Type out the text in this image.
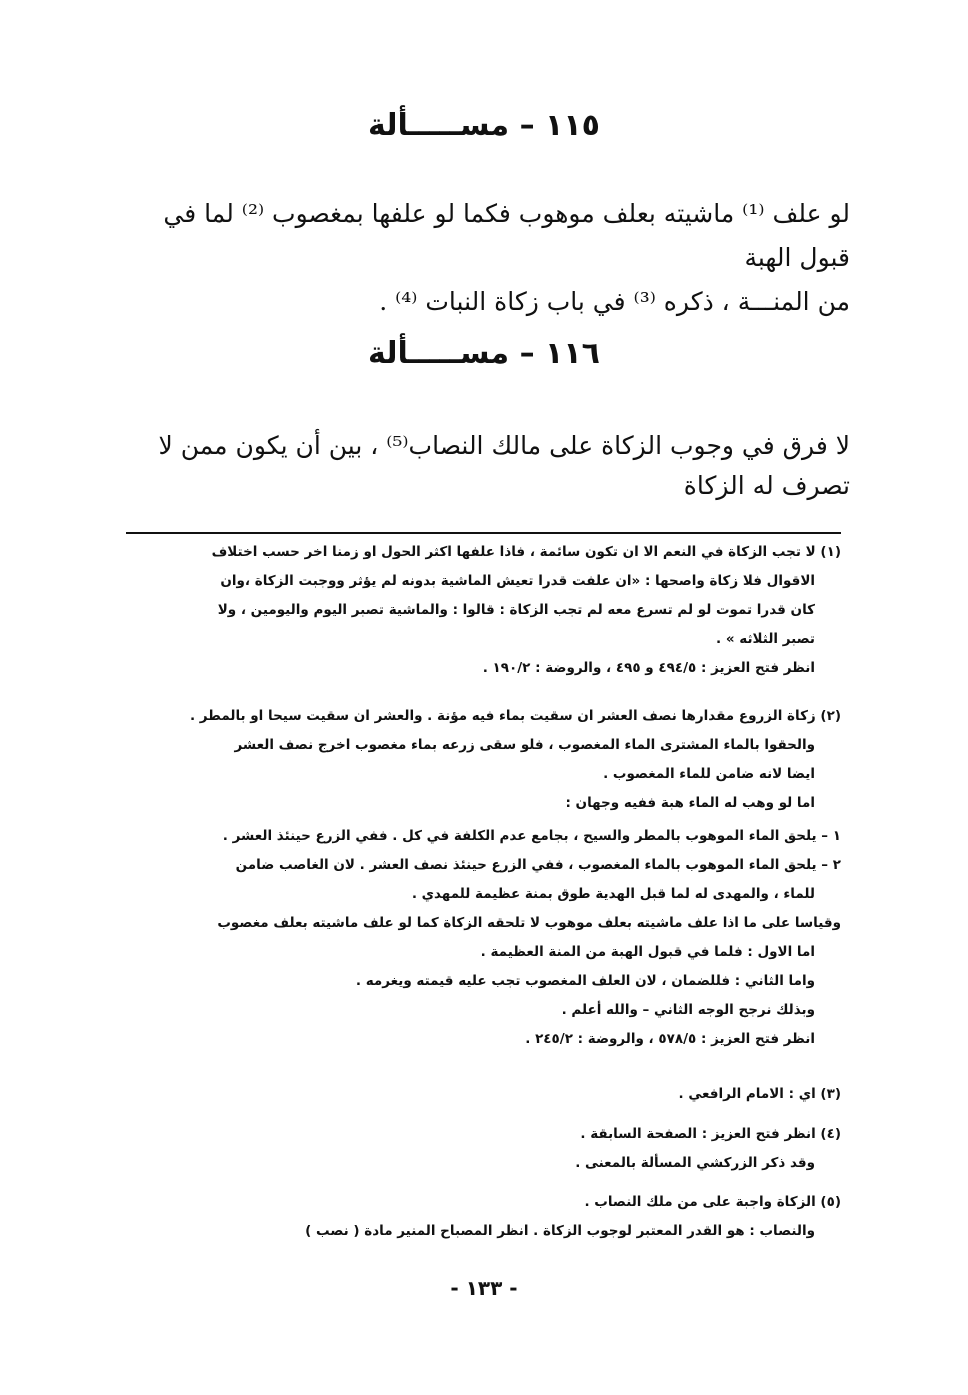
١١٥ – مســـــألة
لو علف ⁽¹⁾ ماشيته بعلف موهوب فكما لو علفها بمغصوب ⁽²⁾ لما في قبول الهبة
من المنـــة ، ذكره ⁽³⁾ في باب زكاة النبات ⁽⁴⁾ .
١١٦ – مســـــألة
لا فرق في وجوب الزكاة على مالك النصاب⁽⁵⁾ ، بين أن يكون ممن لا تصرف له الزكاة
(١) لا تجب الزكاة في النعم الا ان تكون سائمة ، فاذا علفها اكثر الحول او زمنا اخر حسب اختلاف
الاقوال فلا زكاة واصحها : «ان علفت قدرا تعيش الماشية بدونه لم يؤثر ووجبت الزكاة ،وان
كان قدرا تموت لو لم تسرع معه لم تجب الزكاة : قالوا : والماشية تصبر اليوم واليومين ، ولا
تصبر الثلاثه » .
انظر فتح العزيز : ٤٩٤/٥ و ٤٩٥ ، والروضة : ١٩٠/٢ .
(٢) زكاة الزروع مقدارها نصف العشر ان سقيت بماء فيه مؤنة . والعشر ان سقيت سيحا او بالمطر .
والحقوا بالماء المشترى الماء المغصوب ، فلو سقى زرعه بماء مغصوب اخرج نصف العشر
ايضا لانه ضامن للماء المغصوب .
اما لو وهب له الماء هبة ففيه وجهان :
١ – يلحق الماء الموهوب بالمطر والسيح ، بجامع عدم الكلفة في كل . ففي الزرع حينئذ العشر .
٢ – يلحق الماء الموهوب بالماء المغصوب ، ففي الزرع حينئذ نصف العشر . لان الغاصب ضامن
للماء ، والمهدى له لما قبل الهدية طوق بمنة عظيمة للمهدي .
وقياسا على ما اذا علف ماشيته بعلف موهوب لا تلحقه الزكاة كما لو علف ماشيته بعلف مغصوب
اما الاول : فلما في قبول الهبة من المنة العظيمة .
واما الثاني : فللضمان ، لان العلف المغصوب تجب عليه قيمته ويغرمه .
وبذلك نرجح الوجه الثاني – والله أعلم .
انظر فتح العزيز : ٥٧٨/٥ ، والروضة : ٢٤٥/٢ .
(٣) اي : الامام الرافعي .
(٤) انظر فتح العزيز : الصفحة السابقة .
وقد ذكر الزركشي المسألة بالمعنى .
(٥) الزكاة واجبة على من ملك النصاب .
والنصاب : هو القدر المعتبر لوجوب الزكاة . انظر المصباح المنير مادة ( نصب )
- ١٣٣ -
